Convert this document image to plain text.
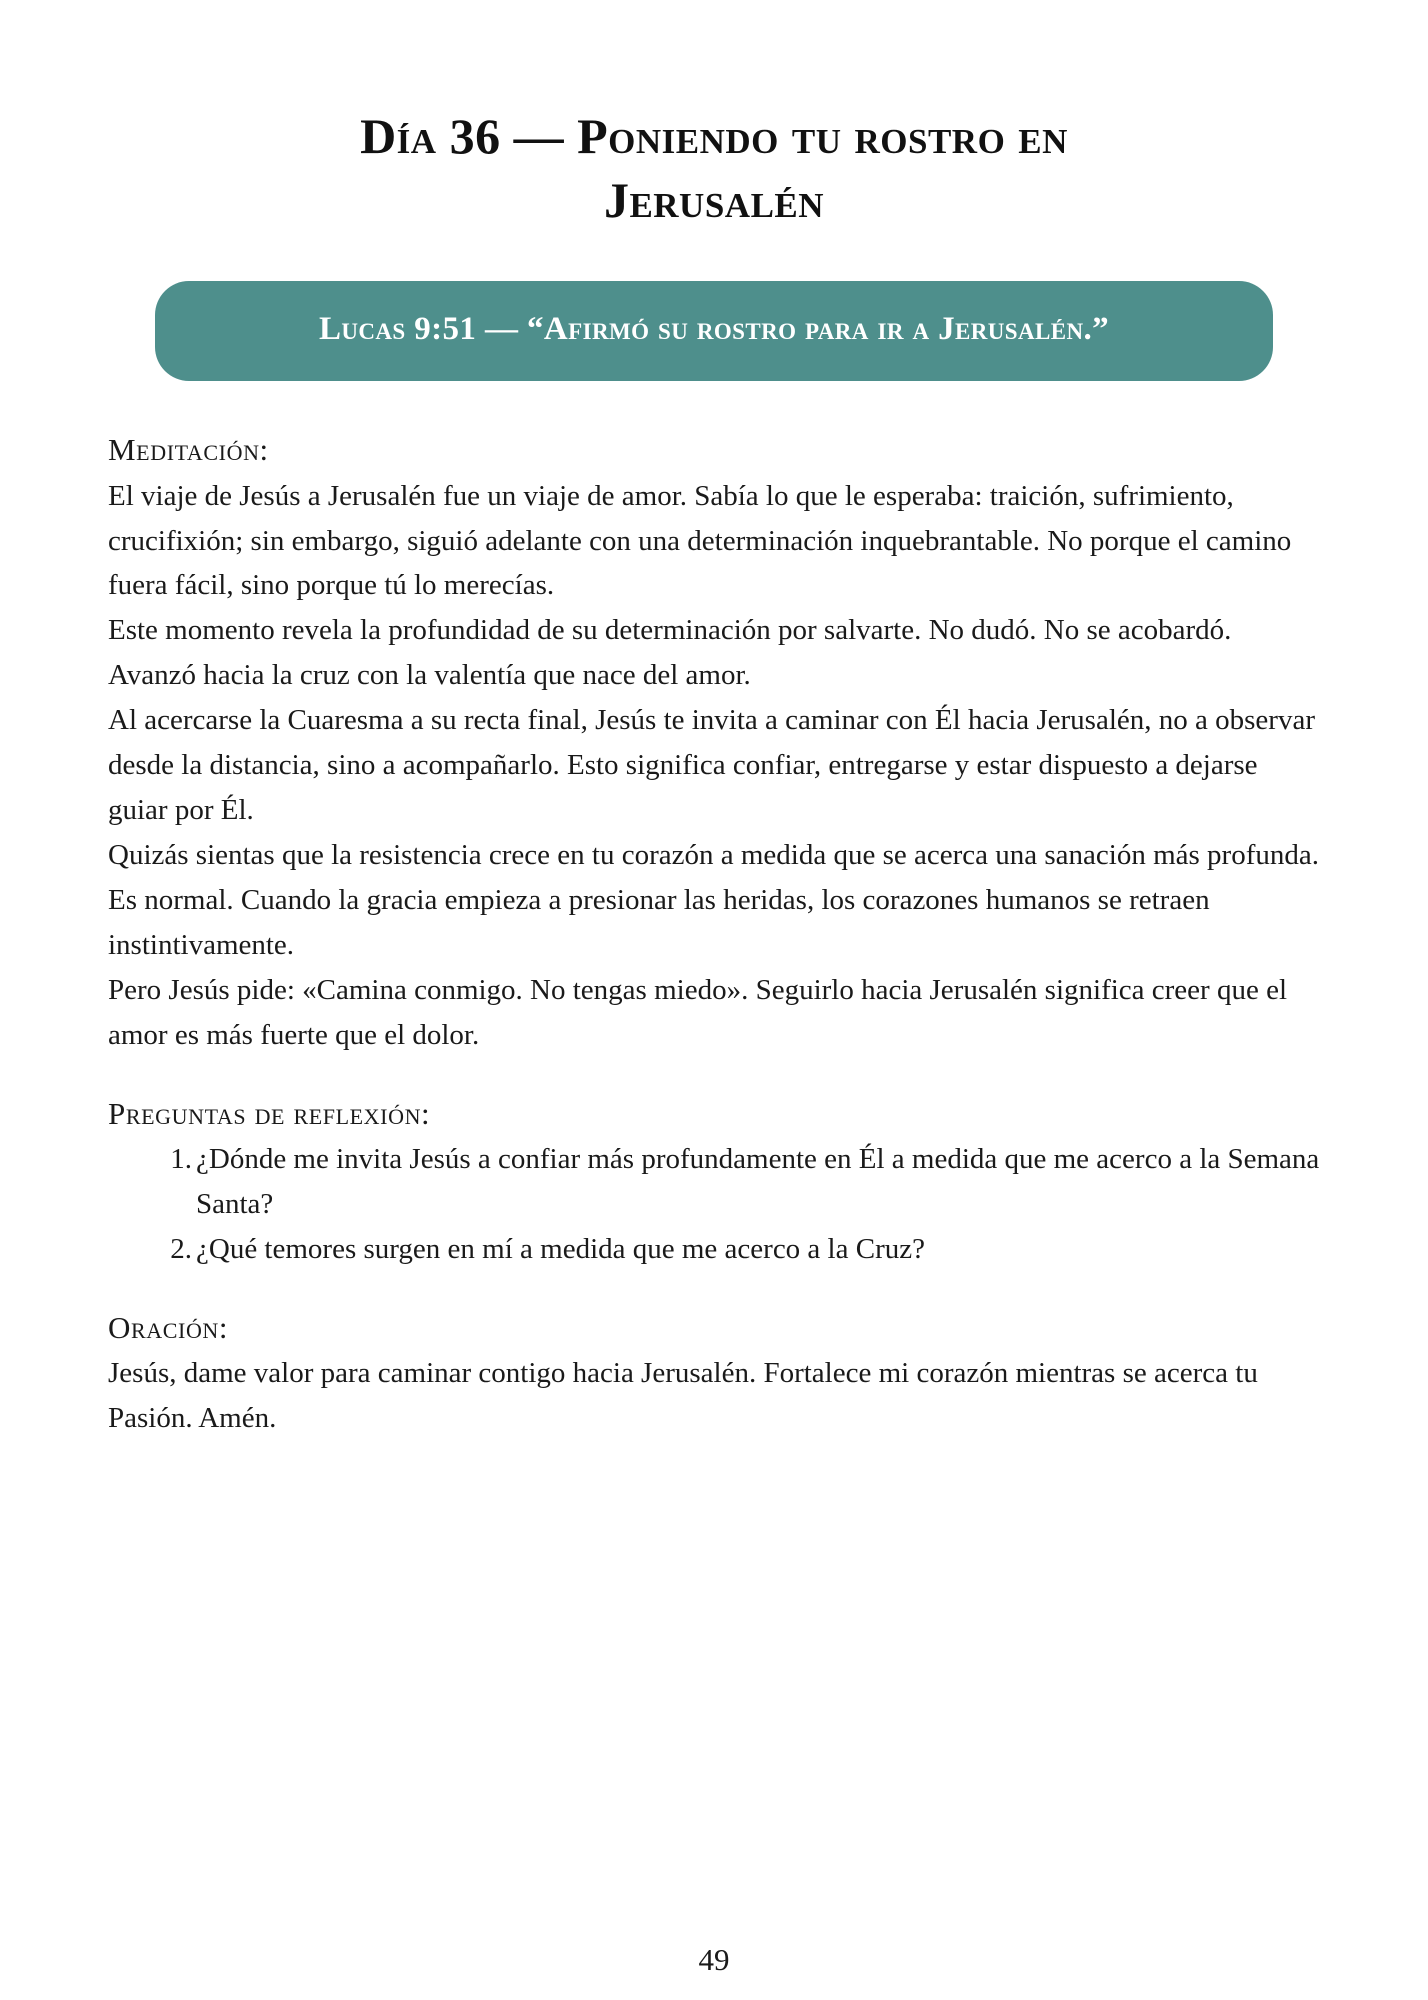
Día 36 — Poniendo tu rostro en
Jerusalén

Lucas 9:51 — “Afirmó su rostro para ir a Jerusalén.”

Meditación:

El viaje de Jesús a Jerusalén fue un viaje de amor. Sabía lo que le esperaba: traición, sufrimiento, crucifixión; sin embargo, siguió adelante con una determinación inquebrantable. No porque el camino fuera fácil, sino porque tú lo merecías.

Este momento revela la profundidad de su determinación por salvarte. No dudó. No se acobardó. Avanzó hacia la cruz con la valentía que nace del amor.

Al acercarse la Cuaresma a su recta final, Jesús te invita a caminar con Él hacia Jerusalén, no a observar desde la distancia, sino a acompañarlo. Esto significa confiar, entregarse y estar dispuesto a dejarse guiar por Él.

Quizás sientas que la resistencia crece en tu corazón a medida que se acerca una sanación más profunda. Es normal. Cuando la gracia empieza a presionar las heridas, los corazones humanos se retraen instintivamente.

Pero Jesús pide: «Camina conmigo. No tengas miedo». Seguirlo hacia Jerusalén significa creer que el amor es más fuerte que el dolor.

Preguntas de reflexión:
¿Dónde me invita Jesús a confiar más profundamente en Él a medida que me acerco a la Semana Santa?
¿Qué temores surgen en mí a medida que me acerco a la Cruz?
Oración:

Jesús, dame valor para caminar contigo hacia Jerusalén. Fortalece mi corazón mientras se acerca tu Pasión. Amén.

49
